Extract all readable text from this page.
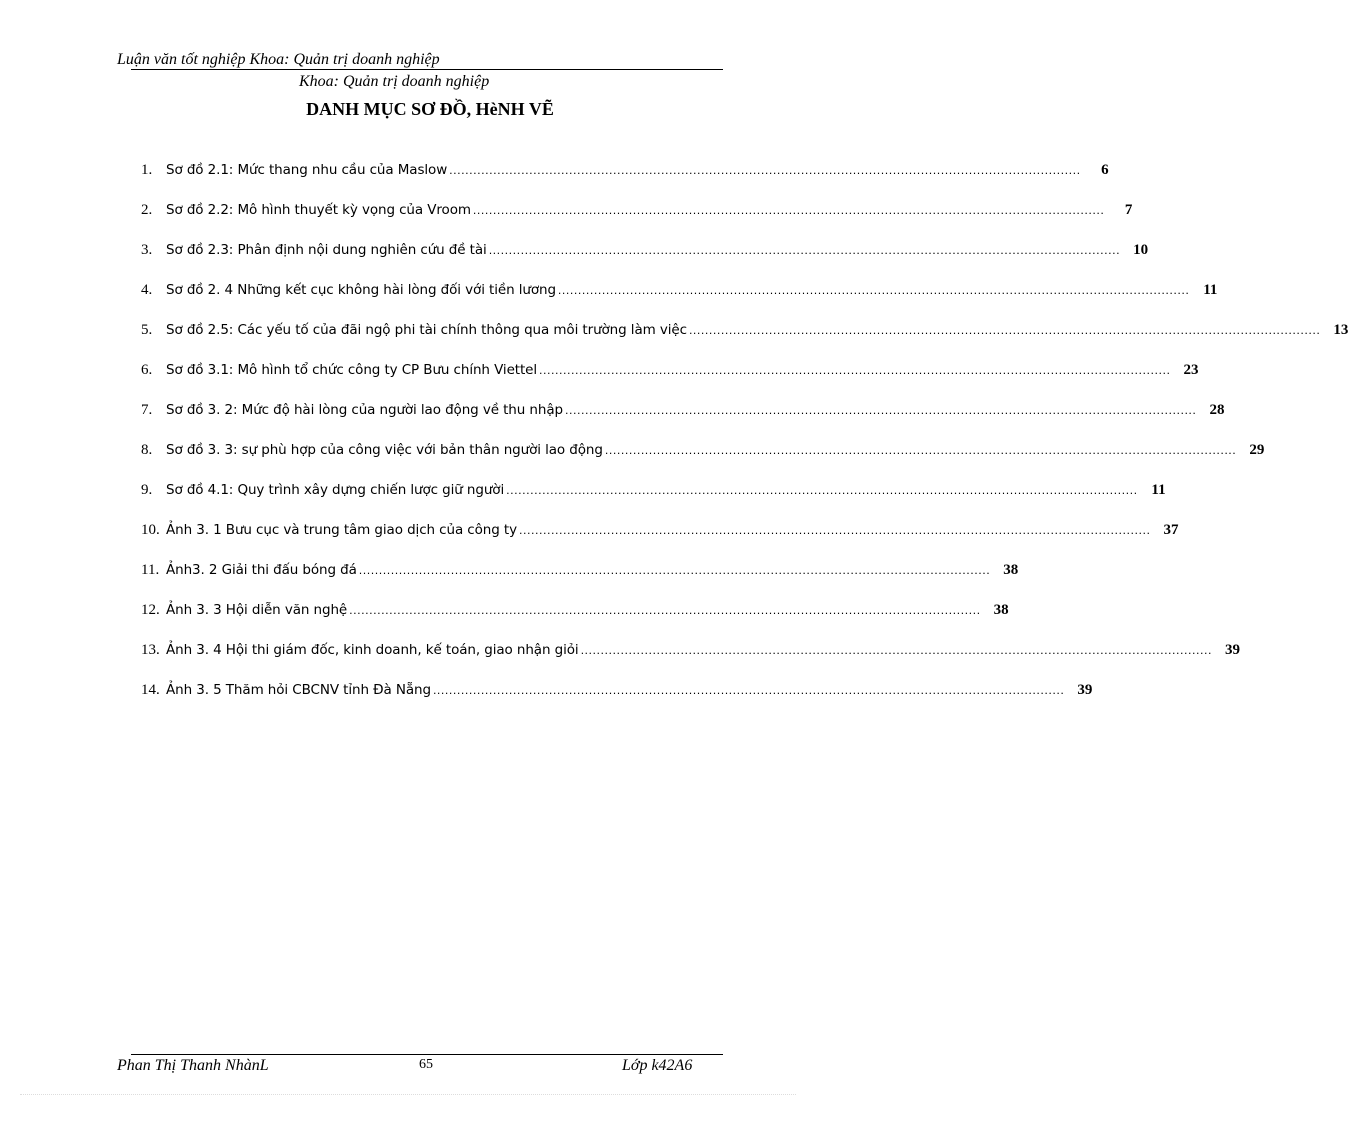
Luận văn tốt nghiệp Khoa: Quản trị doanh nghiệp
Khoa: Quản trị doanh nghiệp
DANH MỤC SƠ ĐỒ, HèNH VẼ
1.	Sơ đồ 2.1: Mức thang nhu cầu của Maslow .....	6
2.	Sơ đồ 2.2: Mô hình thuyết kỳ vọng của Vroom .....	7
3.	Sơ đồ 2.3: Phân định nội dung nghiên cứu đề tài .....	10
4.	Sơ đồ 2. 4 Những kết cục không hài lòng đối với tiền lương .....	11
5.	Sơ đồ 2.5: Các yếu tố của đãi ngộ phi tài chính thông qua môi trường làm việc .....	13
6.	Sơ đồ 3.1: Mô hình tổ chức công ty CP Bưu chính Viettel .....	23
7.	Sơ đồ 3. 2: Mức độ hài lòng của người lao động về thu nhập .....	28
8.	Sơ đồ 3. 3: sự phù hợp của công việc với bản thân người lao động .....	29
9.	Sơ đồ 4.1: Quy trình xây dựng chiến lược giữ người .....	11
10. Ảnh 3. 1 Bưu cục và trung tâm giao dịch của công ty .....	37
11. Ảnh3. 2 Giải thi đấu bóng đá .....	38
12. Ảnh 3. 3 Hội diễn văn nghệ .....	38
13. Ảnh 3. 4 Hội thi giám đốc, kinh doanh, kế toán, giao nhận giỏi .....	39
14. Ảnh 3. 5 Thăm hỏi CBCNV tỉnh Đà Nẵng .....	39
Phan Thị Thanh NhànL	65	Lớp k42A6
